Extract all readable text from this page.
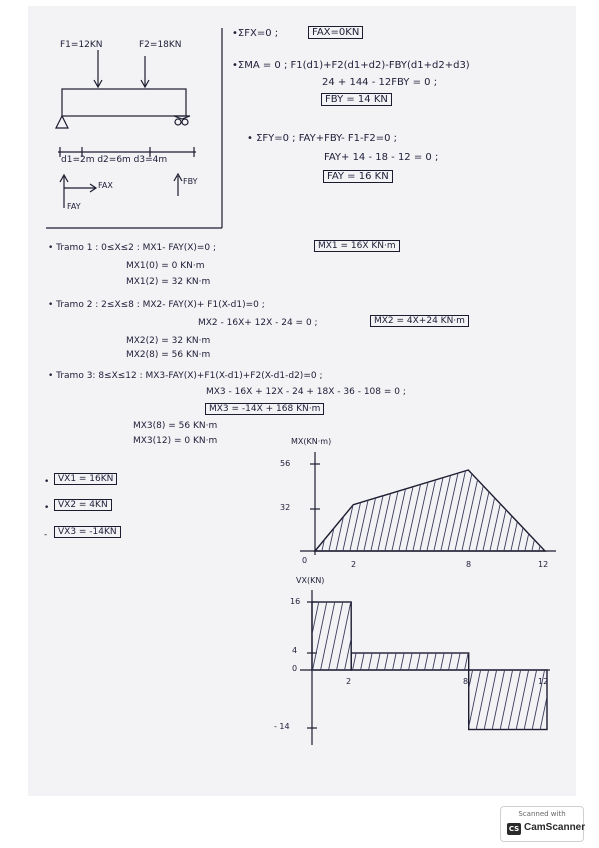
F1=12KN	F2=18KN
d1=2m d2=6m d3=4m
FAX
FAY
FBY
•ΣFX=0 ;	FAX=0KN
•ΣMA = 0 ; F1(d1)+F2(d1+d2)-FBY(d1+d2+d3)
24 + 144 - 12FBY = 0 ;
FBY = 14 KN
• ΣFY=0 ; FAY+FBY- F1-F2=0 ;
FAY+ 14 - 18 - 12 = 0 ;
FAY = 16 KN
• Tramo 1 : 0≤X≤2 : MX1- FAY(X)=0 ;	MX1 = 16X KN·m
MX1(0) = 0 KN·m
MX1(2) = 32 KN·m
• Tramo 2 : 2≤X≤8 : MX2- FAY(X)+ F1(X-d1)=0 ;
MX2 - 16X+ 12X - 24 = 0 ;	MX2 = 4X+24 KN·m
MX2(2) = 32 KN·m
MX2(8) = 56 KN·m
• Tramo 3: 8≤X≤12 : MX3-FAY(X)+F1(X-d1)+F2(X-d1-d2)=0 ;
MX3 - 16X + 12X - 24 + 18X - 36 - 108 = 0 ;
MX3 = -14X + 168 KN·m
MX3(8) = 56 KN·m
MX3(12) = 0 KN·m
• VX1 = 16KN
• VX2 = 4KN
-	VX3 = -14KN
MX(KN·m)
56
32
0	2	8	12
VX(KN)
16
4
0
- 14
2	8	12
Scanned with
CS CamScanner
